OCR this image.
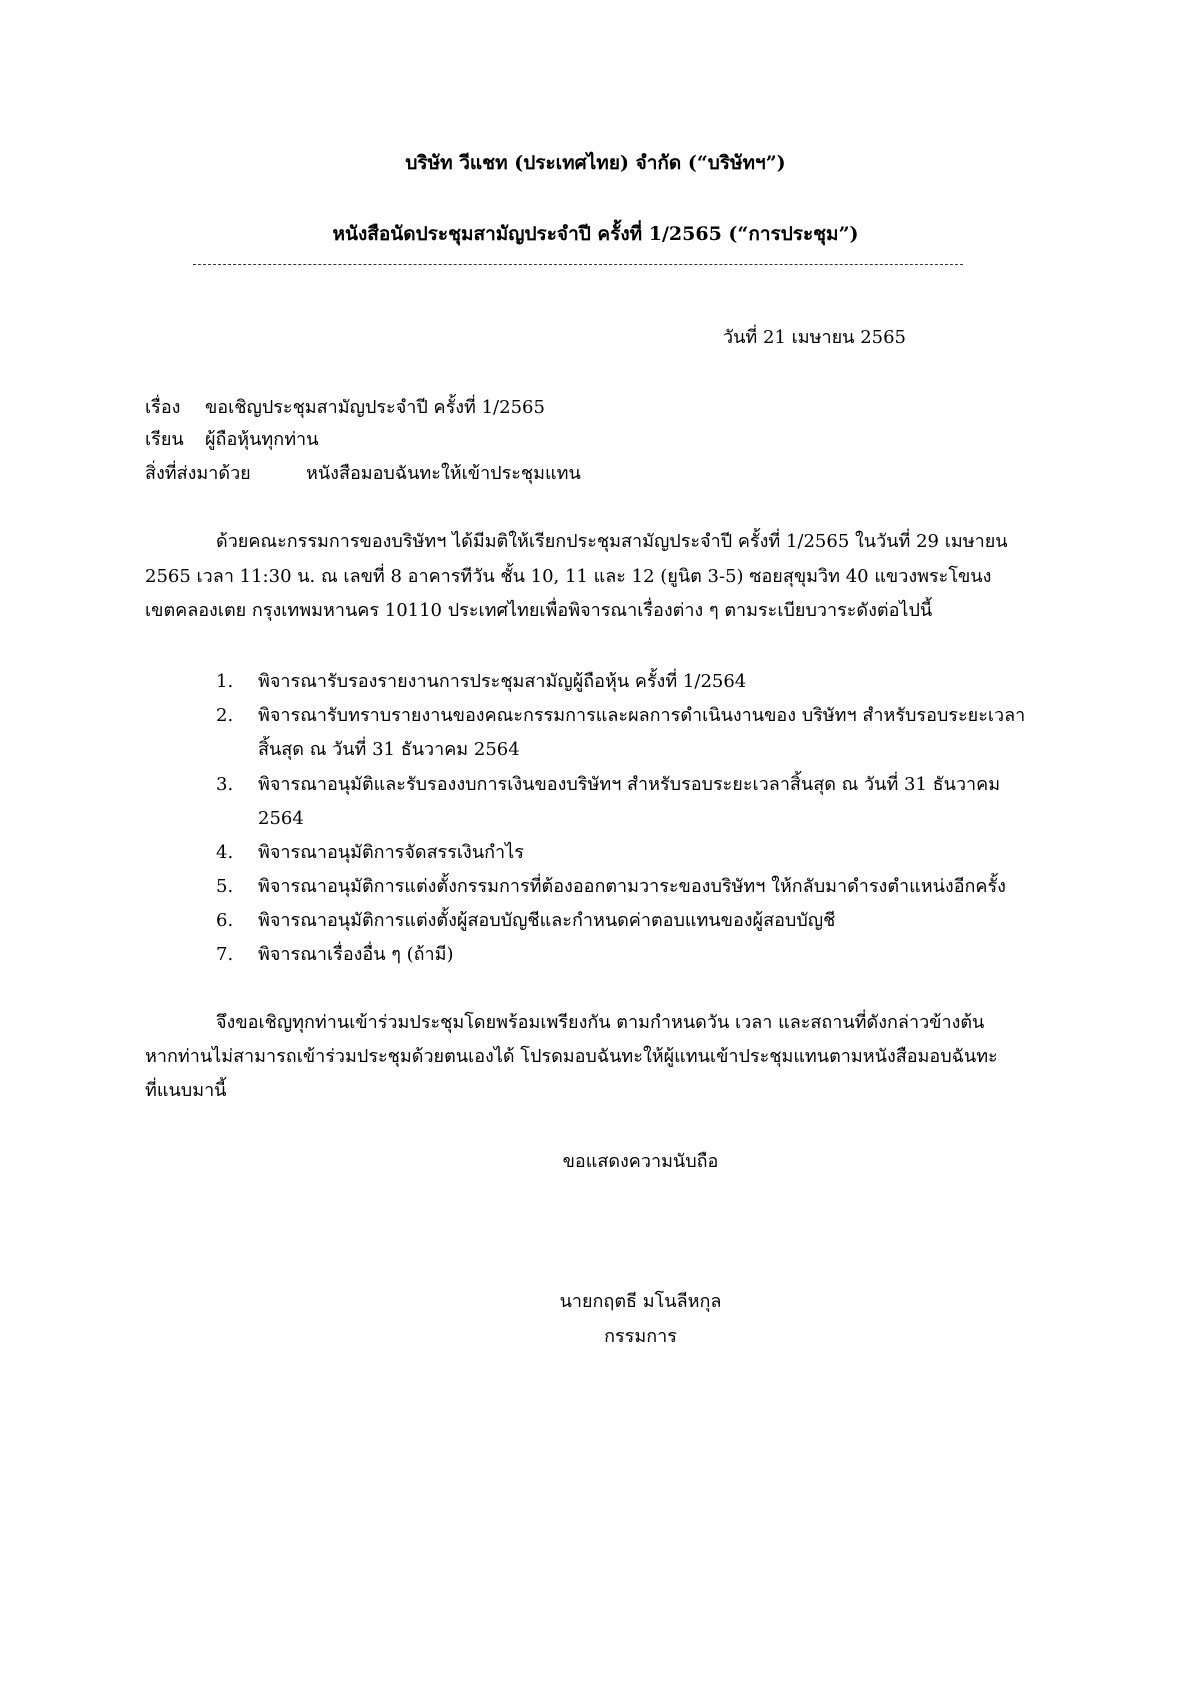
บริษัท วีแชท (ประเทศไทย) จำกัด (“บริษัทฯ”)
หนังสือนัดประชุมสามัญประจำปี ครั้งที่ 1/2565 (“การประชุม”)
วันที่ 21 เมษายน 2565
เรื่อง ขอเชิญประชุมสามัญประจำปี ครั้งที่ 1/2565
เรียน ผู้ถือหุ้นทุกท่าน
สิ่งที่ส่งมาด้วย	หนังสือมอบฉันทะให้เข้าประชุมแทน
ด้วยคณะกรรมการของบริษัทฯ ได้มีมติให้เรียกประชุมสามัญประจำปี ครั้งที่ 1/2565 ในวันที่ 29 เมษายน
2565 เวลา 11:30 น. ณ เลขที่ 8 อาคารทีวัน ชั้น 10, 11 และ 12 (ยูนิต 3-5) ซอยสุขุมวิท 40 แขวงพระโขนง
เขตคลองเตย กรุงเทพมหานคร 10110 ประเทศไทยเพื่อพิจารณาเรื่องต่าง ๆ ตามระเบียบวาระดังต่อไปนี้
1. พิจารณารับรองรายงานการประชุมสามัญผู้ถือหุ้น ครั้งที่ 1/2564
2. พิจารณารับทราบรายงานของคณะกรรมการและผลการดำเนินงานของ บริษัทฯ สำหรับรอบระยะเวลา
สิ้นสุด ณ วันที่ 31 ธันวาคม 2564
3. พิจารณาอนุมัติและรับรองงบการเงินของบริษัทฯ สำหรับรอบระยะเวลาสิ้นสุด ณ วันที่ 31 ธันวาคม
2564
4. พิจารณาอนุมัติการจัดสรรเงินกำไร
5. พิจารณาอนุมัติการแต่งตั้งกรรมการที่ต้องออกตามวาระของบริษัทฯ ให้กลับมาดำรงตำแหน่งอีกครั้ง
6. พิจารณาอนุมัติการแต่งตั้งผู้สอบบัญชีและกำหนดค่าตอบแทนของผู้สอบบัญชี
7. พิจารณาเรื่องอื่น ๆ (ถ้ามี)
จึงขอเชิญทุกท่านเข้าร่วมประชุมโดยพร้อมเพรียงกัน ตามกำหนดวัน เวลา และสถานที่ดังกล่าวข้างต้น
หากท่านไม่สามารถเข้าร่วมประชุมด้วยตนเองได้ โปรดมอบฉันทะให้ผู้แทนเข้าประชุมแทนตามหนังสือมอบฉันทะ
ที่แนบมานี้
ขอแสดงความนับถือ
นายกฤตธี มโนลีหกุล
กรรมการ
